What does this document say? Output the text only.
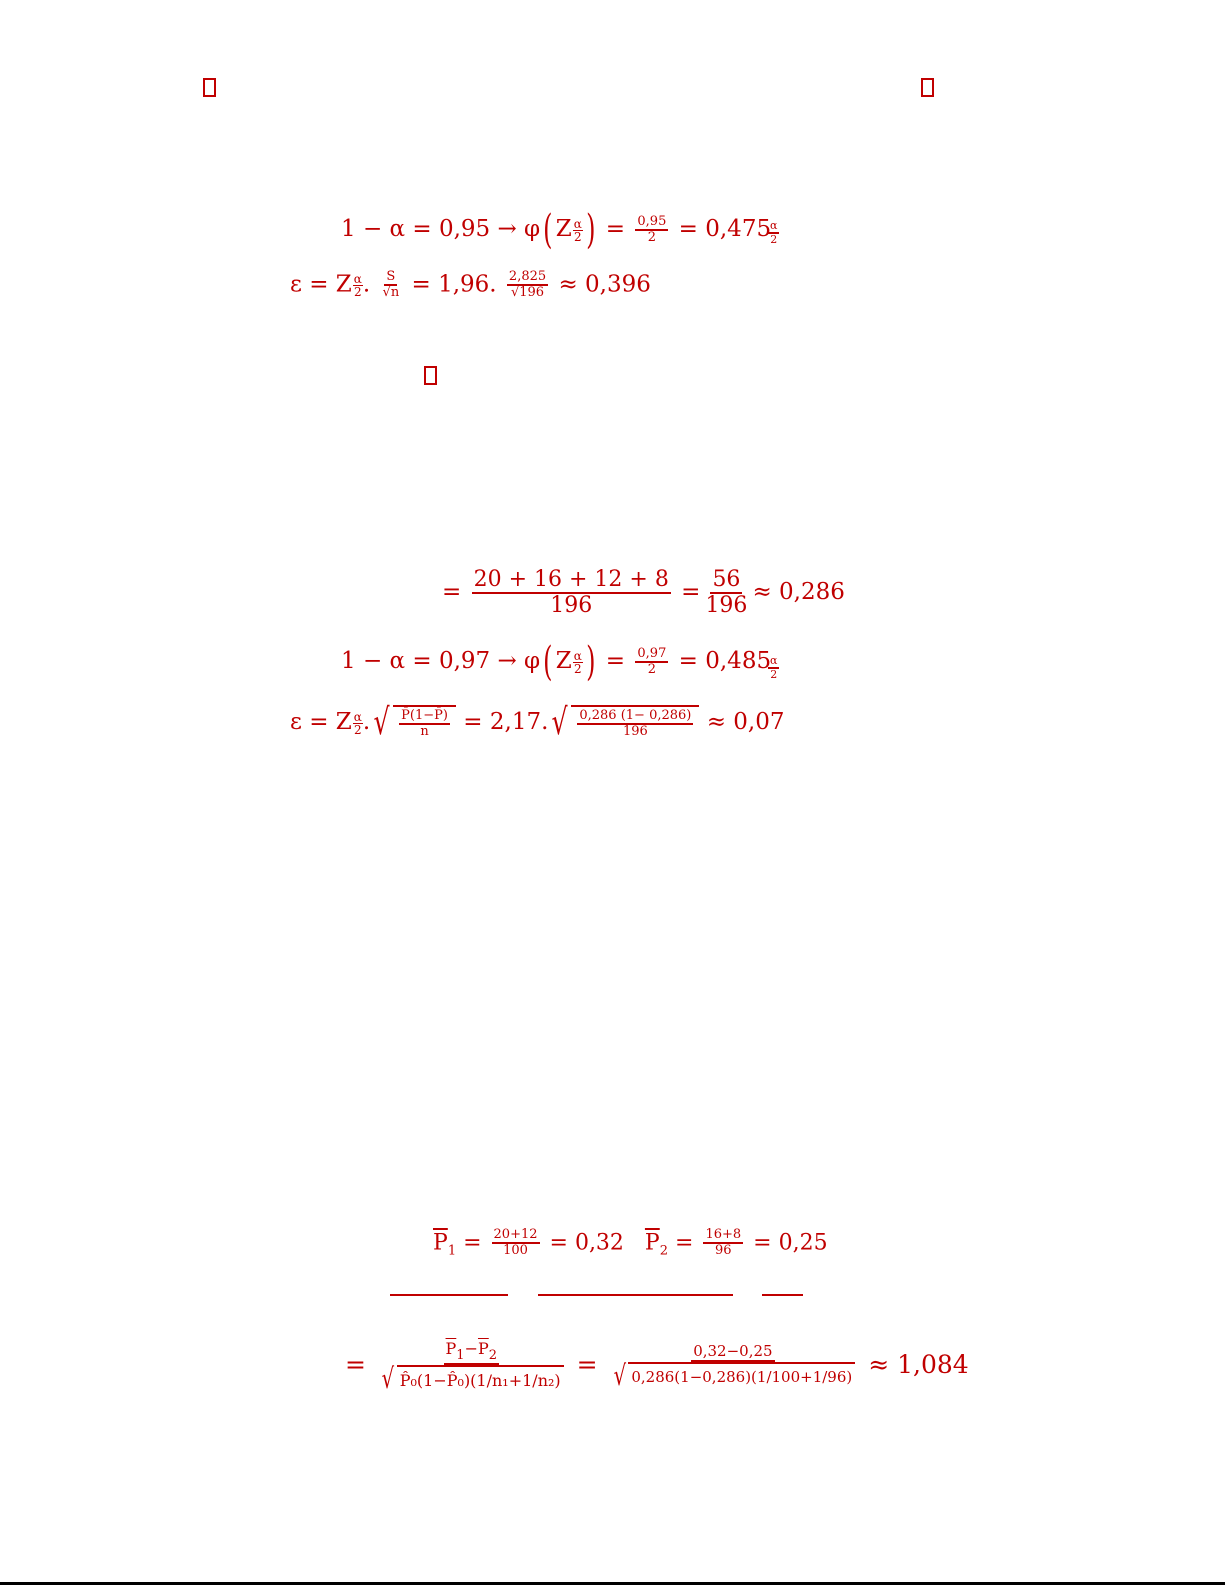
1 − α = 0,95 → φ( Z $\frac{\alpha}{2}$ ) = $\frac{0,95}{2} = 0,475$
$\frac{\alpha}{2}$
ε = Z $\frac{\alpha}{2}$ . $\frac{S}{√n} = 1,96$. $\frac{2,825}{√196} \approx 0,396$
= $\frac{20 + 16 + 12 + 8}{196} = \frac{56}{196} \approx 0,286$
1 − α = 0,97 → φ( Z $\frac{\alpha}{2}$ ) = $\frac{0,97}{2} = 0,485$
$\frac{\alpha}{2}$
ε = Z $\frac{\alpha}{2}$ . √ $\frac{P̄(1-P̄)}{n} = 2,17$. √ $\frac{0,286 (1- 0,286)}{196} \approx 0,07$
$\overline{P}_1 = \frac{20+12}{100} = 0,32$ $\overline{P}_2 = \frac{16+8}{96} = 0,25$
= $\frac{\overline{P}_1-\overline{P}_2}{\text{√ P̂₀(1−P̂₀)(1/n₁+1/n₂)}} = \frac{0,32-0,25}{√ 0,286(1-0,286)(1/100+1/96)} \approx 1,084$
